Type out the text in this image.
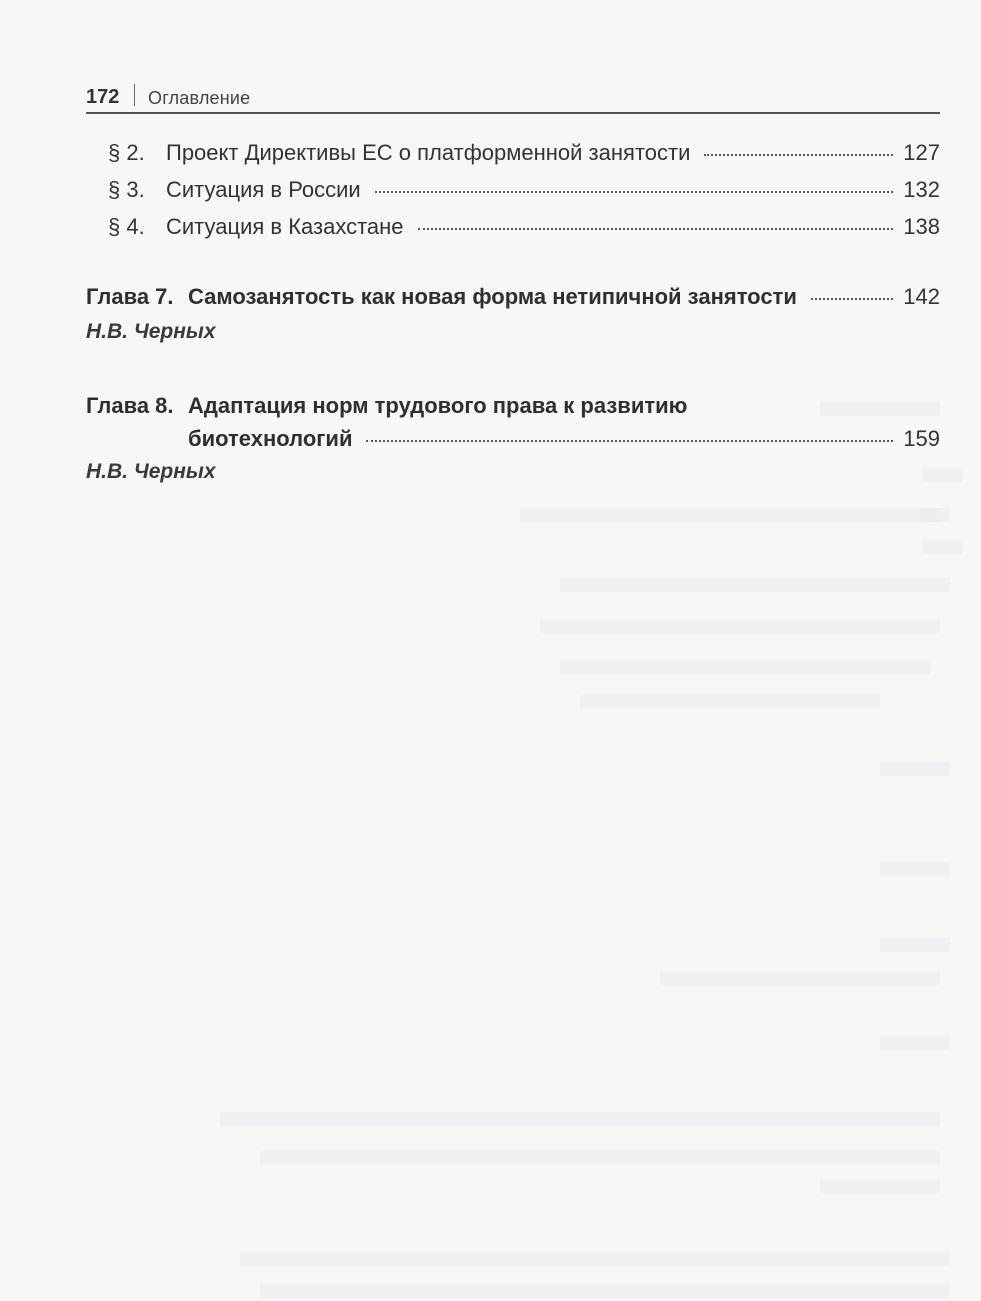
172 Оглавление
§ 2. Проект Директивы ЕС о платформенной занятости	127
§ 3. Ситуация в России	132
§ 4. Ситуация в Казахстане	138
Глава 7. Самозанятость как новая форма нетипичной занятости	142
Н.В. Черных
Глава 8. Адаптация норм трудового права к развитию
биотехнологий	159
Н.В. Черных
